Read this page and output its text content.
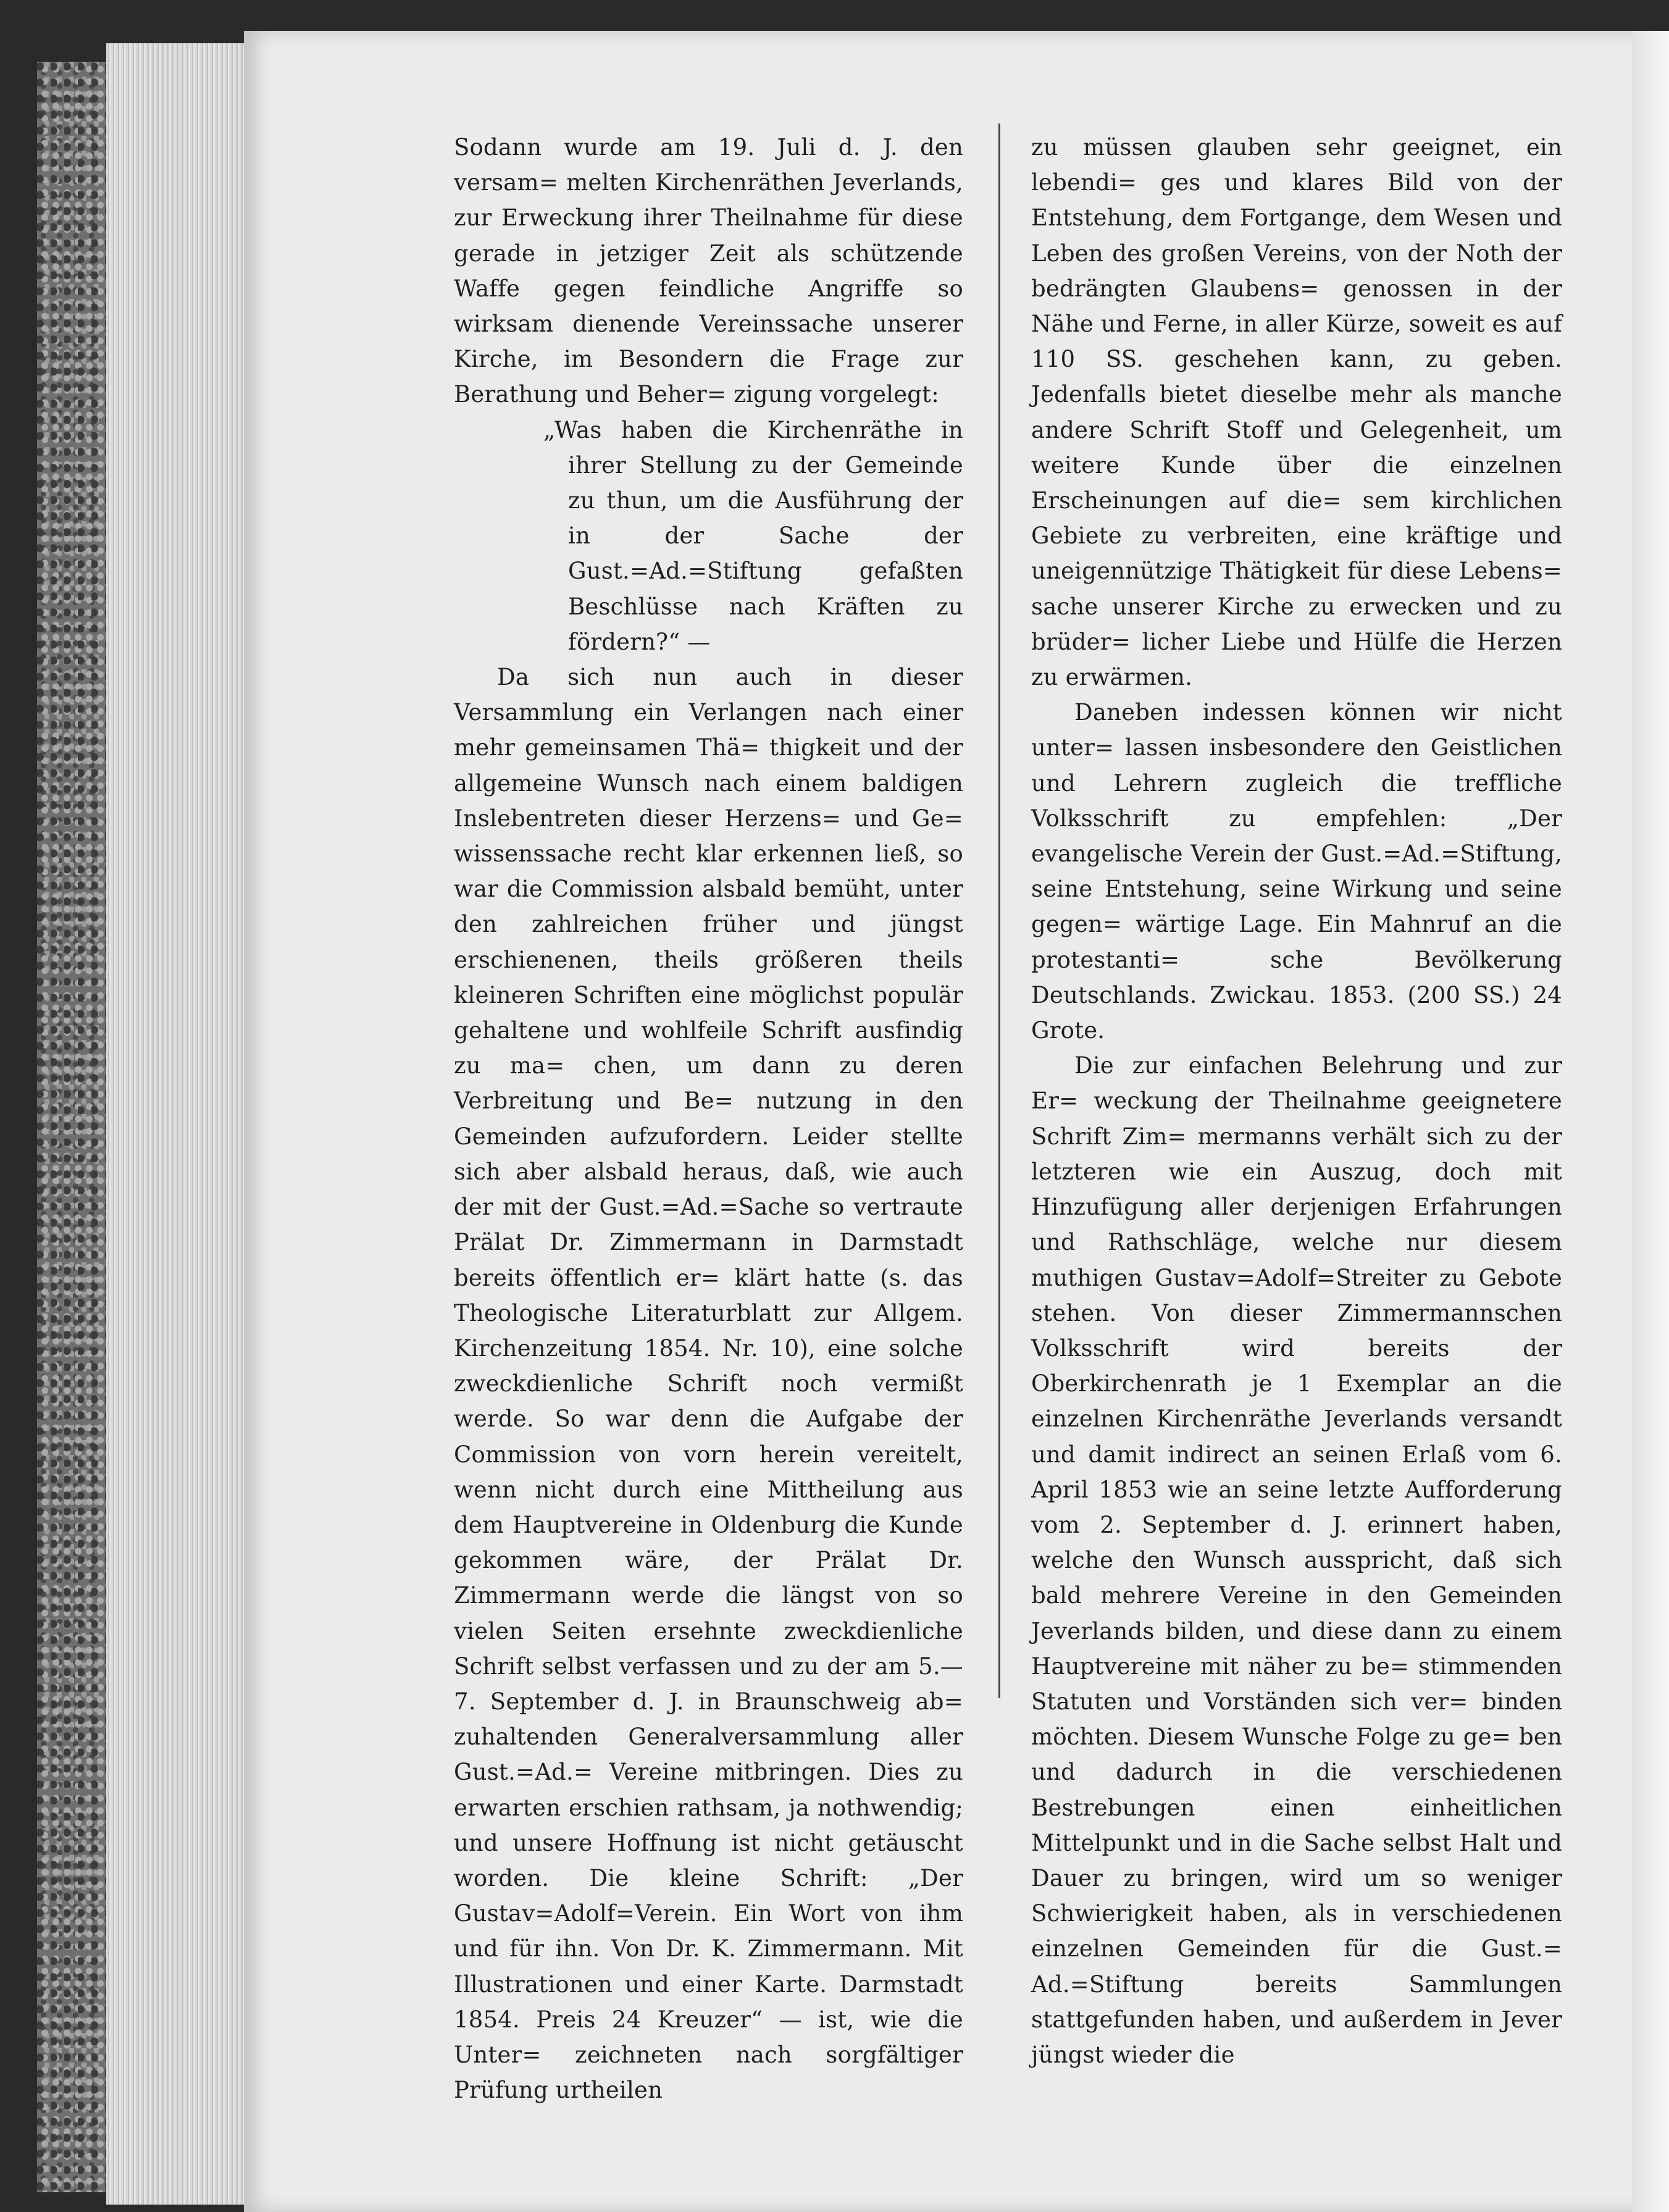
Sodann wurde am 19. Juli d. J. den versam= melten Kirchenräthen Jeverlands, zur Erweckung ihrer Theilnahme für diese gerade in jetziger Zeit als schützende Waffe gegen feindliche Angriffe so wirksam dienende Vereinssache unserer Kirche, im Besondern die Frage zur Berathung und Beher= zigung vorgelegt:

„Was haben die Kirchenräthe in ihrer Stellung zu der Gemeinde zu thun, um die Ausführung der in der Sache der Gust.=Ad.=Stiftung gefaßten Beschlüsse nach Kräften zu fördern?“ —

Da sich nun auch in dieser Versammlung ein Verlangen nach einer mehr gemeinsamen Thä= thigkeit und der allgemeine Wunsch nach einem baldigen Inslebentreten dieser Herzens= und Ge= wissenssache recht klar erkennen ließ, so war die Commission alsbald bemüht, unter den zahlreichen früher und jüngst erschienenen, theils größeren theils kleineren Schriften eine möglichst populär gehaltene und wohlfeile Schrift ausfindig zu ma= chen, um dann zu deren Verbreitung und Be= nutzung in den Gemeinden aufzufordern. Leider stellte sich aber alsbald heraus, daß, wie auch der mit der Gust.=Ad.=Sache so vertraute Prälat Dr. Zimmermann in Darmstadt bereits öffentlich er= klärt hatte (s. das Theologische Literaturblatt zur Allgem. Kirchenzeitung 1854. Nr. 10), eine solche zweckdienliche Schrift noch vermißt werde. So war denn die Aufgabe der Commission von vorn herein vereitelt, wenn nicht durch eine Mittheilung aus dem Hauptvereine in Oldenburg die Kunde gekommen wäre, der Prälat Dr. Zimmermann werde die längst von so vielen Seiten ersehnte zweckdienliche Schrift selbst verfassen und zu der am 5.—7. September d. J. in Braunschweig ab= zuhaltenden Generalversammlung aller Gust.=Ad.= Vereine mitbringen. Dies zu erwarten erschien rathsam, ja nothwendig; und unsere Hoffnung ist nicht getäuscht worden. Die kleine Schrift: „Der Gustav=Adolf=Verein. Ein Wort von ihm und für ihn. Von Dr. K. Zimmermann. Mit Illustrationen und einer Karte. Darmstadt 1854. Preis 24 Kreuzer“ — ist, wie die Unter= zeichneten nach sorgfältiger Prüfung urtheilen

zu müssen glauben sehr geeignet, ein lebendi= ges und klares Bild von der Entstehung, dem Fortgange, dem Wesen und Leben des großen Vereins, von der Noth der bedrängten Glaubens= genossen in der Nähe und Ferne, in aller Kürze, soweit es auf 110 SS. geschehen kann, zu geben. Jedenfalls bietet dieselbe mehr als manche andere Schrift Stoff und Gelegenheit, um weitere Kunde über die einzelnen Erscheinungen auf die= sem kirchlichen Gebiete zu verbreiten, eine kräftige und uneigennützige Thätigkeit für diese Lebens= sache unserer Kirche zu erwecken und zu brüder= licher Liebe und Hülfe die Herzen zu erwärmen.

Daneben indessen können wir nicht unter= lassen insbesondere den Geistlichen und Lehrern zugleich die treffliche Volksschrift zu empfehlen: „Der evangelische Verein der Gust.=Ad.=Stiftung, seine Entstehung, seine Wirkung und seine gegen= wärtige Lage. Ein Mahnruf an die protestanti= sche Bevölkerung Deutschlands. Zwickau. 1853. (200 SS.) 24 Grote.

Die zur einfachen Belehrung und zur Er= weckung der Theilnahme geeignetere Schrift Zim= mermanns verhält sich zu der letzteren wie ein Auszug, doch mit Hinzufügung aller derjenigen Erfahrungen und Rathschläge, welche nur diesem muthigen Gustav=Adolf=Streiter zu Gebote stehen. Von dieser Zimmermannschen Volksschrift wird bereits der Oberkirchenrath je 1 Exemplar an die einzelnen Kirchenräthe Jeverlands versandt und damit indirect an seinen Erlaß vom 6. April 1853 wie an seine letzte Aufforderung vom 2. September d. J. erinnert haben, welche den Wunsch ausspricht, daß sich bald mehrere Vereine in den Gemeinden Jeverlands bilden, und diese dann zu einem Hauptvereine mit näher zu be= stimmenden Statuten und Vorständen sich ver= binden möchten. Diesem Wunsche Folge zu ge= ben und dadurch in die verschiedenen Bestrebungen einen einheitlichen Mittelpunkt und in die Sache selbst Halt und Dauer zu bringen, wird um so weniger Schwierigkeit haben, als in verschiedenen einzelnen Gemeinden für die Gust.= Ad.=Stiftung bereits Sammlungen stattgefunden haben, und außerdem in Jever jüngst wieder die
